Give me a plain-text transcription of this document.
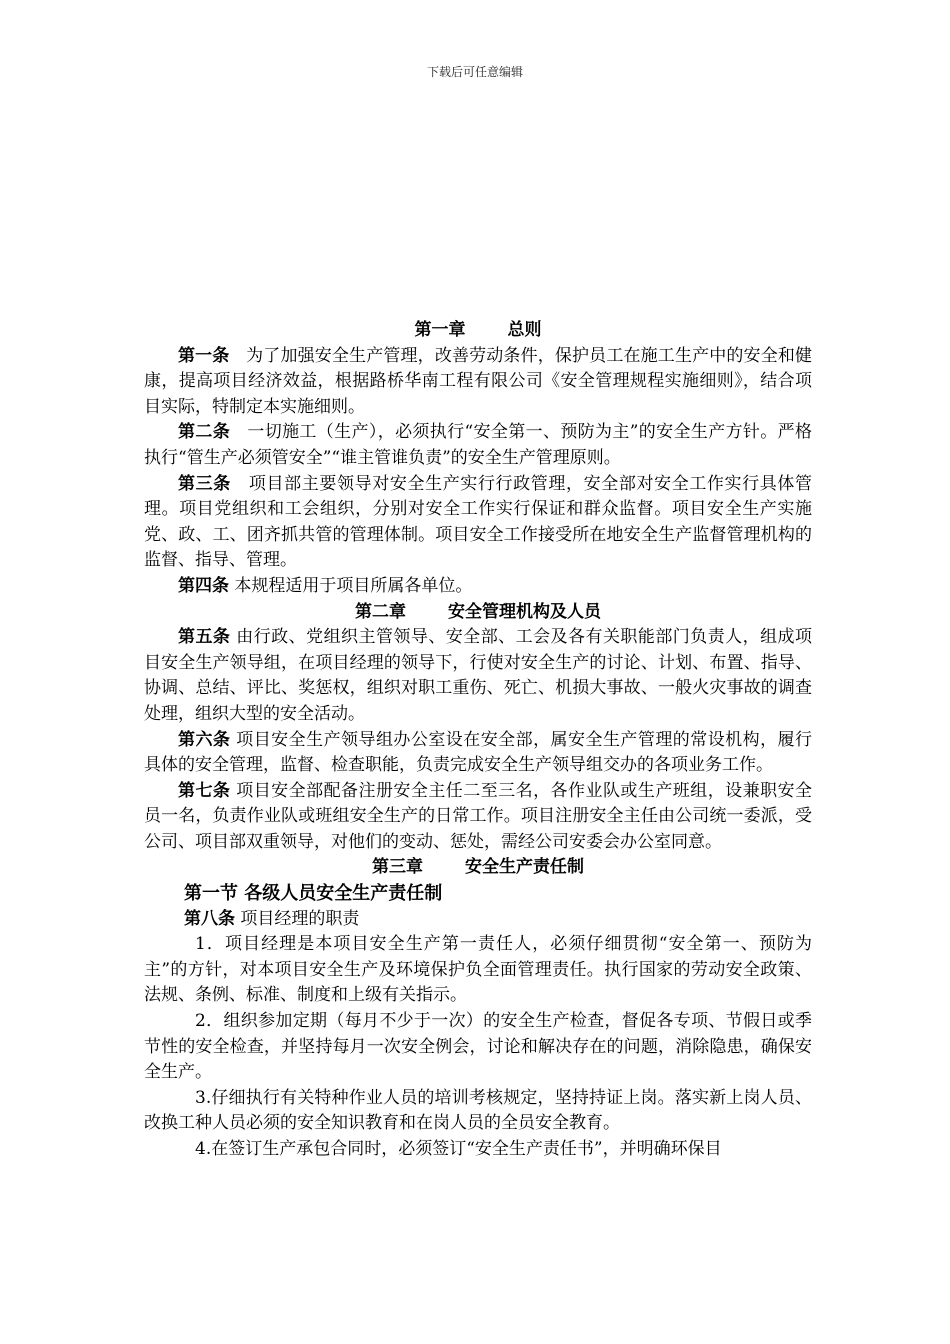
下载后可任意编辑

第一章 总则

第一条 为了加强安全生产管理，改善劳动条件，保护员工在施工生产中的安全和健康，提高项目经济效益，根据路桥华南工程有限公司《安全管理规程实施细则》，结合项目实际，特制定本实施细则。

第二条 一切施工（生产），必须执行“安全第一、预防为主”的安全生产方针。严格执行“管生产必须管安全”“谁主管谁负责”的安全生产管理原则。

第三条 项目部主要领导对安全生产实行行政管理，安全部对安全工作实行具体管理。项目党组织和工会组织，分别对安全工作实行保证和群众监督。项目安全生产实施党、政、工、团齐抓共管的管理体制。项目安全工作接受所在地安全生产监督管理机构的监督、指导、管理。

第四条 本规程适用于项目所属各单位。

第二章 安全管理机构及人员

第五条 由行政、党组织主管领导、安全部、工会及各有关职能部门负责人，组成项目安全生产领导组，在项目经理的领导下，行使对安全生产的讨论、计划、布置、指导、协调、总结、评比、奖惩权，组织对职工重伤、死亡、机损大事故、一般火灾事故的调查处理，组织大型的安全活动。

第六条 项目安全生产领导组办公室设在安全部，属安全生产管理的常设机构，履行具体的安全管理，监督、检查职能，负责完成安全生产领导组交办的各项业务工作。

第七条 项目安全部配备注册安全主任二至三名，各作业队或生产班组，设兼职安全员一名，负责作业队或班组安全生产的日常工作。项目注册安全主任由公司统一委派，受公司、项目部双重领导，对他们的变动、惩处，需经公司安委会办公室同意。

第三章 安全生产责任制

第一节 各级人员安全生产责任制

第八条 项目经理的职责

1．项目经理是本项目安全生产第一责任人，必须仔细贯彻“安全第一、预防为主”的方针，对本项目安全生产及环境保护负全面管理责任。执行国家的劳动安全政策、法规、条例、标准、制度和上级有关指示。

2．组织参加定期（每月不少于一次）的安全生产检查，督促各专项、节假日或季节性的安全检查，并坚持每月一次安全例会，讨论和解决存在的问题，消除隐患，确保安全生产。

3.仔细执行有关特种作业人员的培训考核规定，坚持持证上岗。落实新上岗人员、改换工种人员必须的安全知识教育和在岗人员的全员安全教育。

4.在签订生产承包合同时，必须签订“安全生产责任书”，并明确环保目
